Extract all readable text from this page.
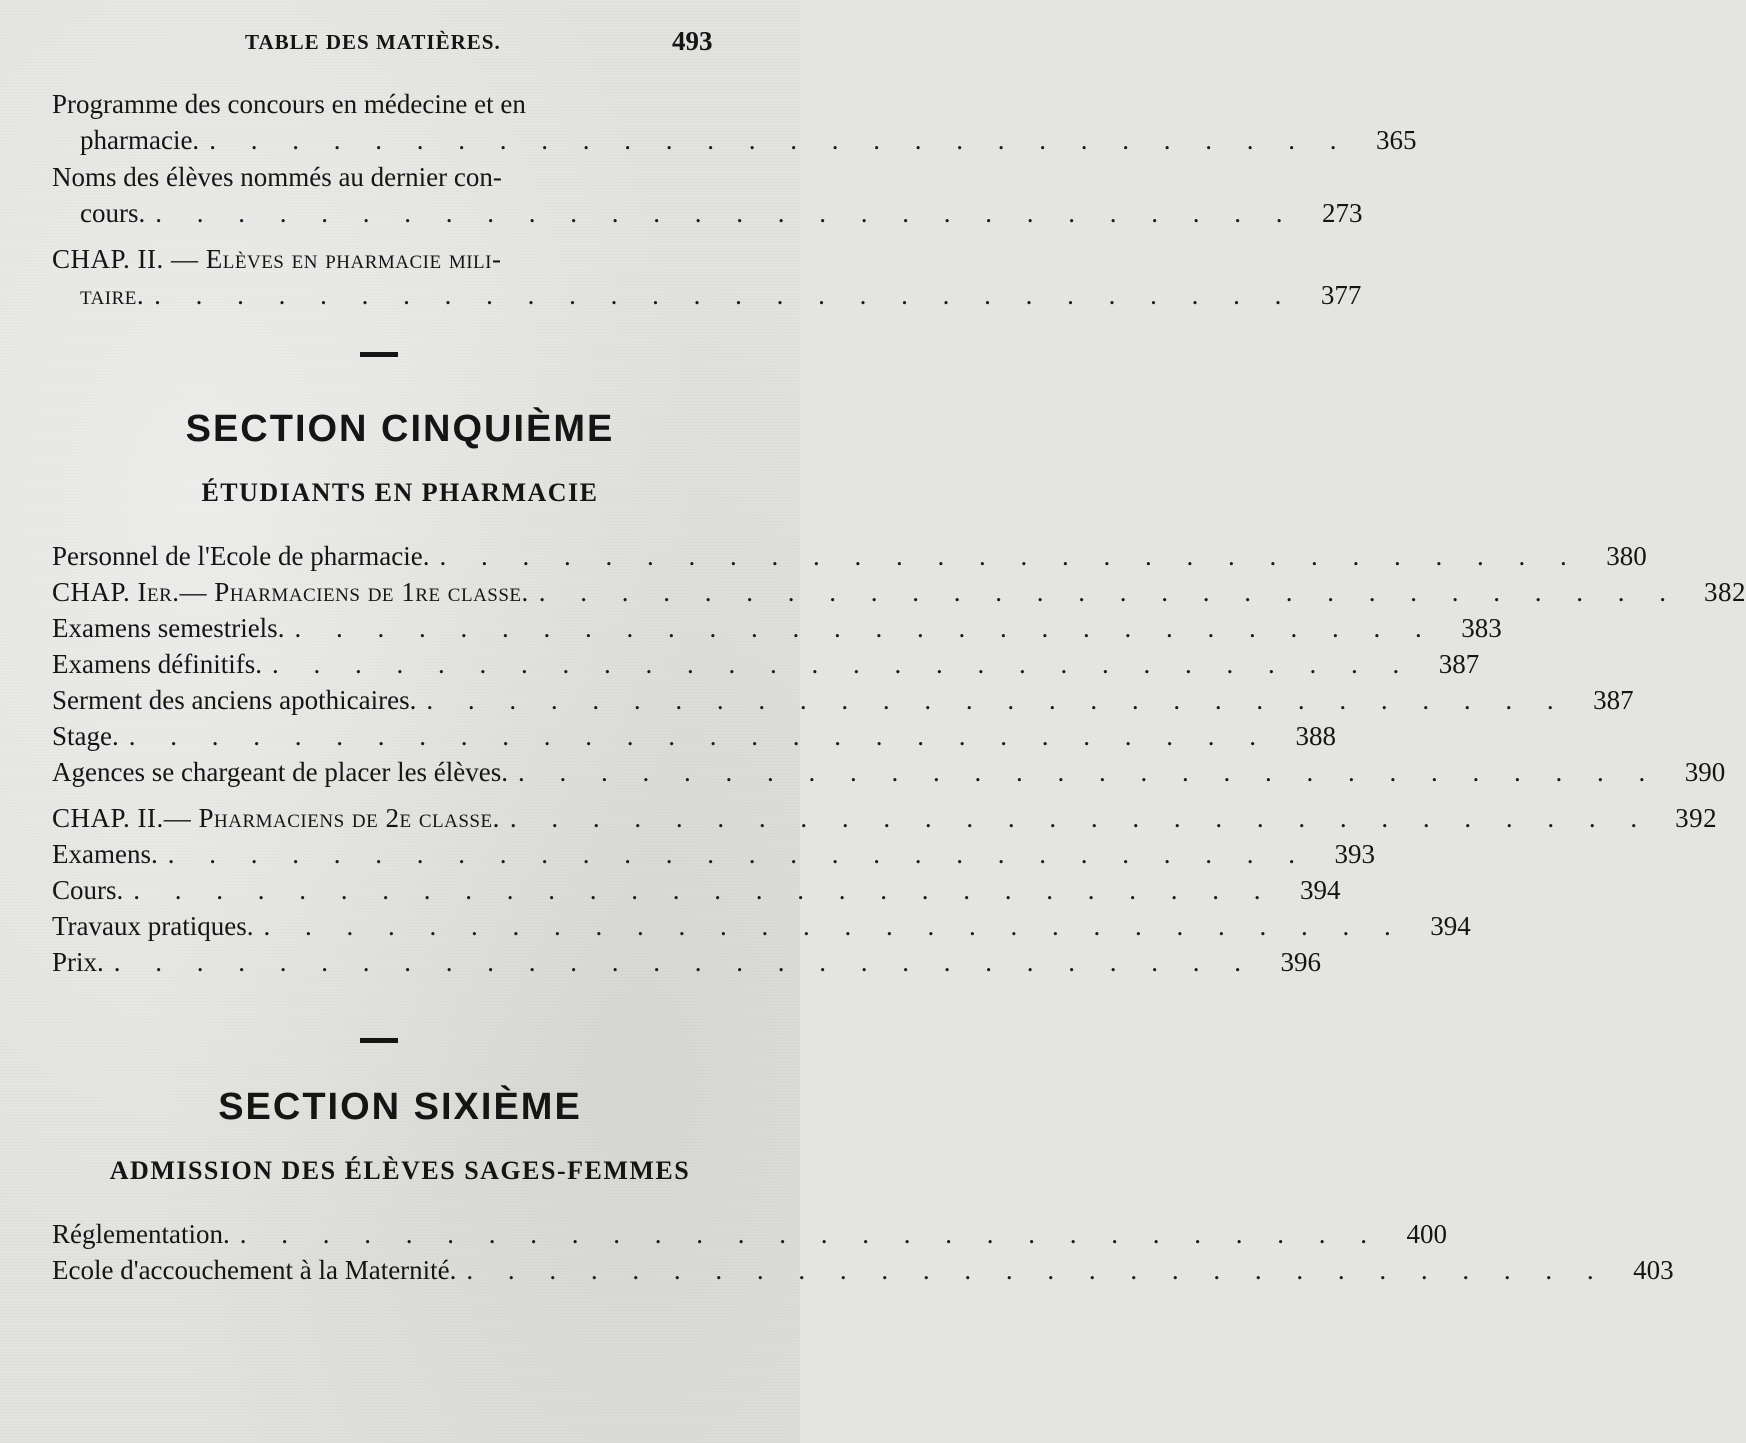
TABLE DES MATIÈRES.	493
Programme des concours en médecine et en
pharmacie. . . . . . . . . . . . . . . . . . . . . . . . . . . . . 365
Noms des élèves nommés au dernier con-
cours. . . . . . . . . . . . . . . . . . . . . . . . . . . . . 273
CHAP. II. — Elèves en pharmacie mili-
taire. . . . . . . . . . . . . . . . . . . . . . . . . . . . . 377
SECTION CINQUIÈME
ÉTUDIANTS EN PHARMACIE
Personnel de l'Ecole de pharmacie. . . . . . . . . . . . . . . . . . . . . . . . . . . . . 380
CHAP. Ier.— Pharmaciens de 1re classe. . . . . . . . . . . . . . . . . . . . . . . . . . . . . 382
Examens semestriels. . . . . . . . . . . . . . . . . . . . . . . . . . . . . 383
Examens définitifs. . . . . . . . . . . . . . . . . . . . . . . . . . . . . 387
Serment des anciens apothicaires. . . . . . . . . . . . . . . . . . . . . . . . . . . . . 387
Stage. . . . . . . . . . . . . . . . . . . . . . . . . . . . . 388
Agences se chargeant de placer les élèves. . . . . . . . . . . . . . . . . . . . . . . . . . . . . 390
CHAP. II.— Pharmaciens de 2e classe. . . . . . . . . . . . . . . . . . . . . . . . . . . . . 392
Examens. . . . . . . . . . . . . . . . . . . . . . . . . . . . . 393
Cours. . . . . . . . . . . . . . . . . . . . . . . . . . . . . 394
Travaux pratiques. . . . . . . . . . . . . . . . . . . . . . . . . . . . . 394
Prix. . . . . . . . . . . . . . . . . . . . . . . . . . . . . 396
SECTION SIXIÈME
ADMISSION DES ÉLÈVES SAGES-FEMMES
Réglementation. . . . . . . . . . . . . . . . . . . . . . . . . . . . . 400
Ecole d'accouchement à la Maternité. . . . . . . . . . . . . . . . . . . . . . . . . . . . . 403
